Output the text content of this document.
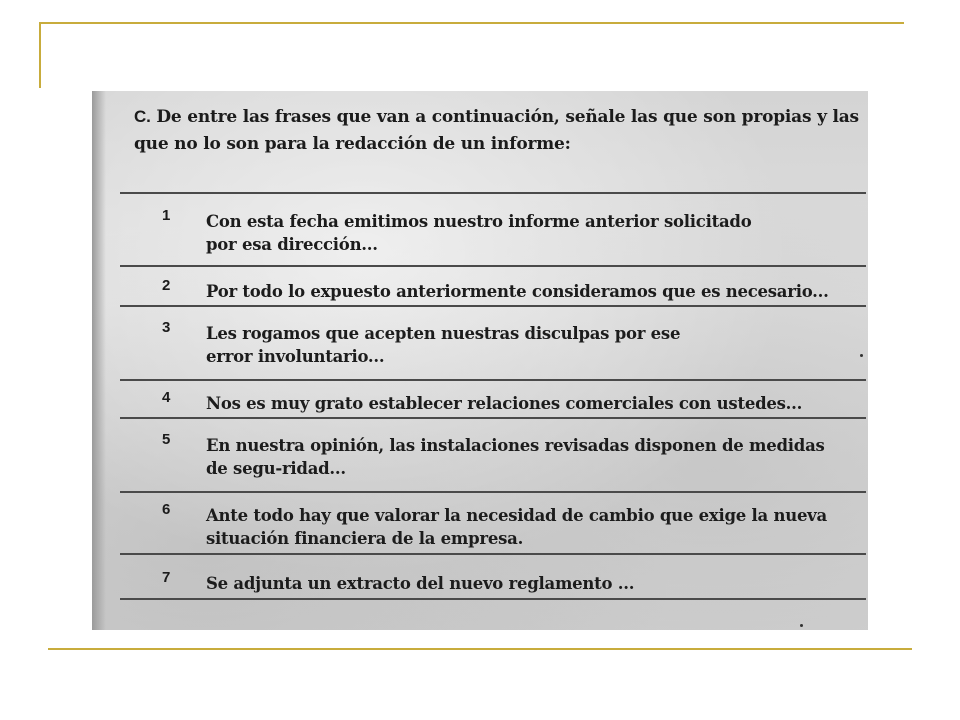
C. De entre las frases que van a continuación, señale las que son propias y las que no lo son para la redacción de un informe:
1 Con esta fecha emitimos nuestro informe anterior solicitado por esa dirección...
2 Por todo lo expuesto anteriormente consideramos que es necesario...
3 Les rogamos que acepten nuestras disculpas por ese error involuntario...
4 Nos es muy grato establecer relaciones comerciales con ustedes...
5 En nuestra opinión, las instalaciones revisadas disponen de medidas de segu-ridad...
6 Ante todo hay que valorar la necesidad de cambio que exige la nueva situación financiera de la empresa.
7 Se adjunta un extracto del nuevo reglamento ...
